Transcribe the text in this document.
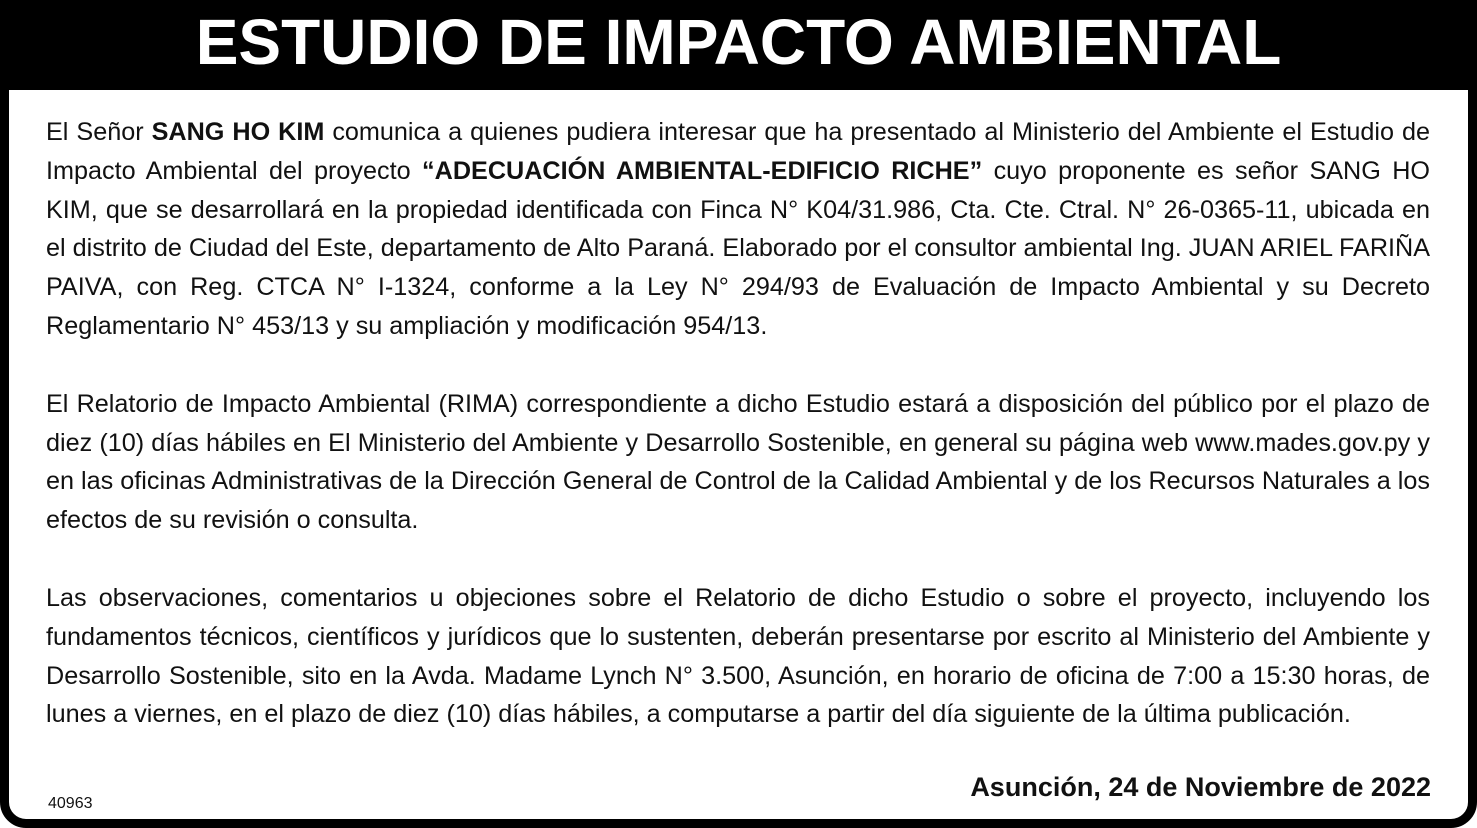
ESTUDIO DE IMPACTO AMBIENTAL

El Señor SANG HO KIM comunica a quienes pudiera interesar que ha presentado al Ministerio del Ambiente el Estudio de Impacto Ambiental del proyecto “ADECUACIÓN AMBIENTAL-EDIFICIO RICHE” cuyo proponente es señor SANG HO KIM, que se desarrollará en la propiedad identificada con Finca N° K04/31.986, Cta. Cte. Ctral. N° 26-0365-11, ubicada en el distrito de Ciudad del Este, departamento de Alto Paraná. Elaborado por el consultor ambiental Ing. JUAN ARIEL FARIÑA PAIVA, con Reg. CTCA N° I-1324, conforme a la Ley N° 294/93 de Evaluación de Impacto Ambiental y su Decreto Reglamentario N° 453/13 y su ampliación y modificación 954/13.

El Relatorio de Impacto Ambiental (RIMA) correspondiente a dicho Estudio estará a disposición del público por el plazo de diez (10) días hábiles en El Ministerio del Ambiente y Desarrollo Sostenible, en general su página web www.mades.gov.py y en las oficinas Administrativas de la Dirección General de Control de la Calidad Ambiental y de los Recursos Naturales a los efectos de su revisión o consulta.

Las observaciones, comentarios u objeciones sobre el Relatorio de dicho Estudio o sobre el proyecto, incluyendo los fundamentos técnicos, científicos y jurídicos que lo sustenten, deberán presentarse por escrito al Ministerio del Ambiente y Desarrollo Sostenible, sito en la Avda. Madame Lynch N° 3.500, Asunción, en horario de oficina de 7:00 a 15:30 horas, de lunes a viernes, en el plazo de diez (10) días hábiles, a computarse a partir del día siguiente de la última publicación.

Asunción, 24 de Noviembre de 2022
40963
